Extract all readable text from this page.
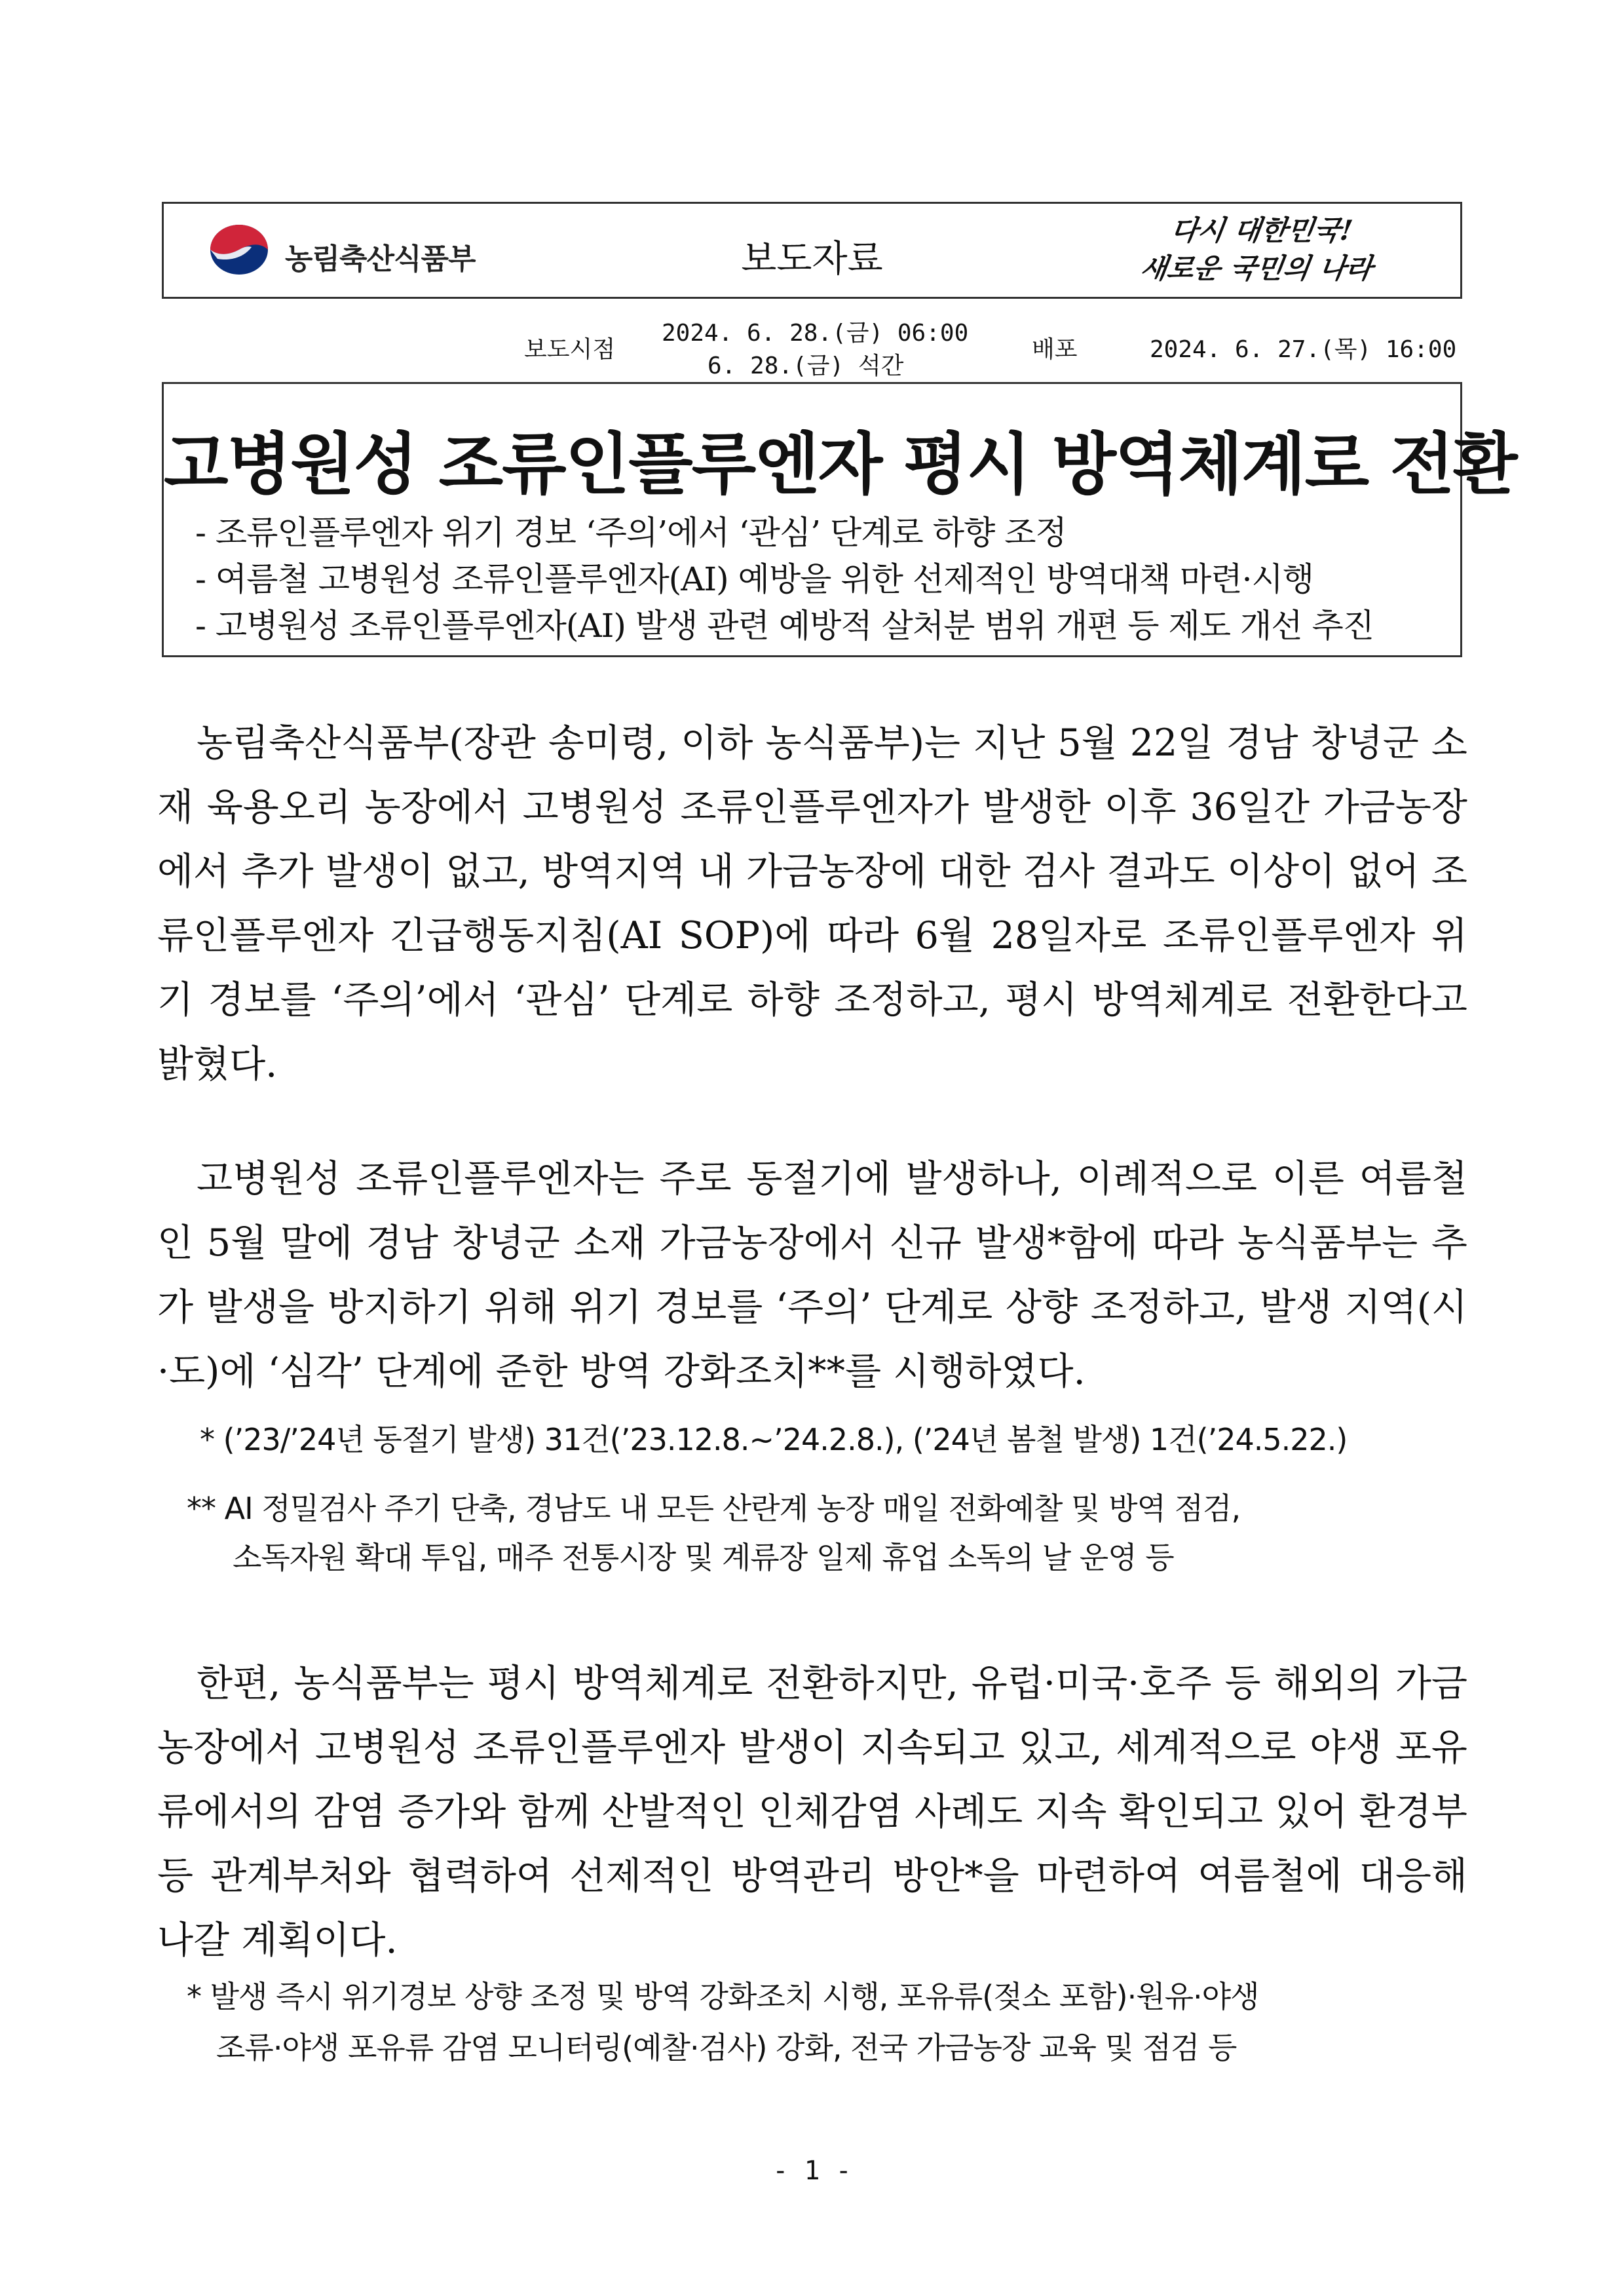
농림축산식품부	보도자료
다시 대한민국!
새로운 국민의 나라
보도시점
2024. 6. 28.(금) 06:00
6. 28.(금) 석간
배포	2024. 6. 27.(목) 16:00
고병원성 조류인플루엔자 평시 방역체계로 전환
- 조류인플루엔자 위기 경보 ‘주의’에서 ‘관심’ 단계로 하향 조정
- 여름철 고병원성 조류인플루엔자(AI) 예방을 위한 선제적인 방역대책 마련·시행
- 고병원성 조류인플루엔자(AI) 발생 관련 예방적 살처분 범위 개편 등 제도 개선 추진
농림축산식품부(장관 송미령, 이하 농식품부)는 지난 5월 22일 경남 창녕군 소재 육용오리 농장에서 고병원성 조류인플루엔자가 발생한 이후 36일간 가금농장에서 추가 발생이 없고, 방역지역 내 가금농장에 대한 검사 결과도 이상이 없어 조류인플루엔자 긴급행동지침(AI SOP)에 따라 6월 28일자로 조류인플루엔자 위기 경보를 ‘주의’에서 ‘관심’ 단계로 하향 조정하고, 평시 방역체계로 전환한다고 밝혔다.
고병원성 조류인플루엔자는 주로 동절기에 발생하나, 이례적으로 이른 여름철인 5월 말에 경남 창녕군 소재 가금농장에서 신규 발생*함에 따라 농식품부는 추가 발생을 방지하기 위해 위기 경보를 ‘주의’ 단계로 상향 조정하고, 발생 지역(시·도)에 ‘심각’ 단계에 준한 방역 강화조치**를 시행하였다.
* (’23/’24년 동절기 발생) 31건(’23.12.8.~’24.2.8.), (’24년 봄철 발생) 1건(’24.5.22.)
** AI 정밀검사 주기 단축, 경남도 내 모든 산란계 농장 매일 전화예찰 및 방역 점검,
소독자원 확대 투입, 매주 전통시장 및 계류장 일제 휴업 소독의 날 운영 등
한편, 농식품부는 평시 방역체계로 전환하지만, 유럽·미국·호주 등 해외의 가금농장에서 고병원성 조류인플루엔자 발생이 지속되고 있고, 세계적으로 야생 포유류에서의 감염 증가와 함께 산발적인 인체감염 사례도 지속 확인되고 있어 환경부 등 관계부처와 협력하여 선제적인 방역관리 방안*을 마련하여 여름철에 대응해 나갈 계획이다.
* 발생 즉시 위기경보 상향 조정 및 방역 강화조치 시행, 포유류(젖소 포함)·원유·야생
조류·야생 포유류 감염 모니터링(예찰·검사) 강화, 전국 가금농장 교육 및 점검 등
- 1 -
